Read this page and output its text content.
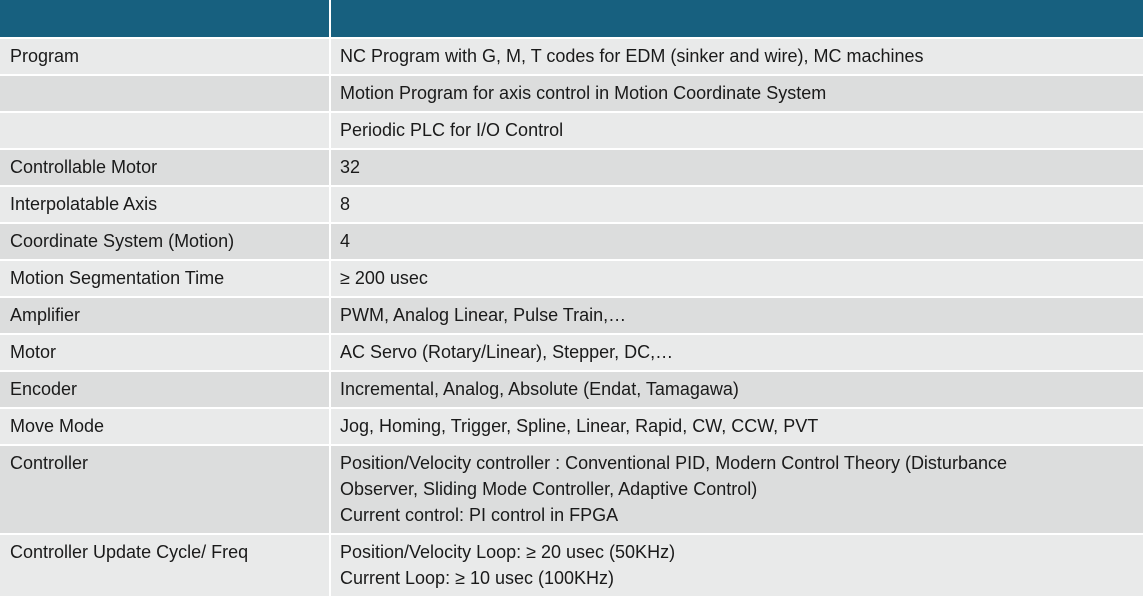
Program	NC Program with G, M, T codes for EDM (sinker and wire), MC machines
	Motion Program for axis control in Motion Coordinate System
	Periodic PLC for I/O Control
Controllable Motor	32
Interpolatable Axis	8
Coordinate System (Motion)	4
Motion Segmentation Time	≥ 200 usec
Amplifier	PWM, Analog Linear, Pulse Train,…
Motor	AC Servo (Rotary/Linear), Stepper, DC,…
Encoder	Incremental, Analog, Absolute (Endat, Tamagawa)
Move Mode	Jog, Homing, Trigger, Spline, Linear, Rapid, CW, CCW, PVT
Controller	Position/Velocity controller : Conventional PID, Modern Control Theory (Disturbance
Observer, Sliding Mode Controller, Adaptive Control)
Current control: PI control in FPGA
Controller Update Cycle/ Freq	Position/Velocity Loop: ≥ 20 usec (50KHz)
Current Loop: ≥ 10 usec (100KHz)
